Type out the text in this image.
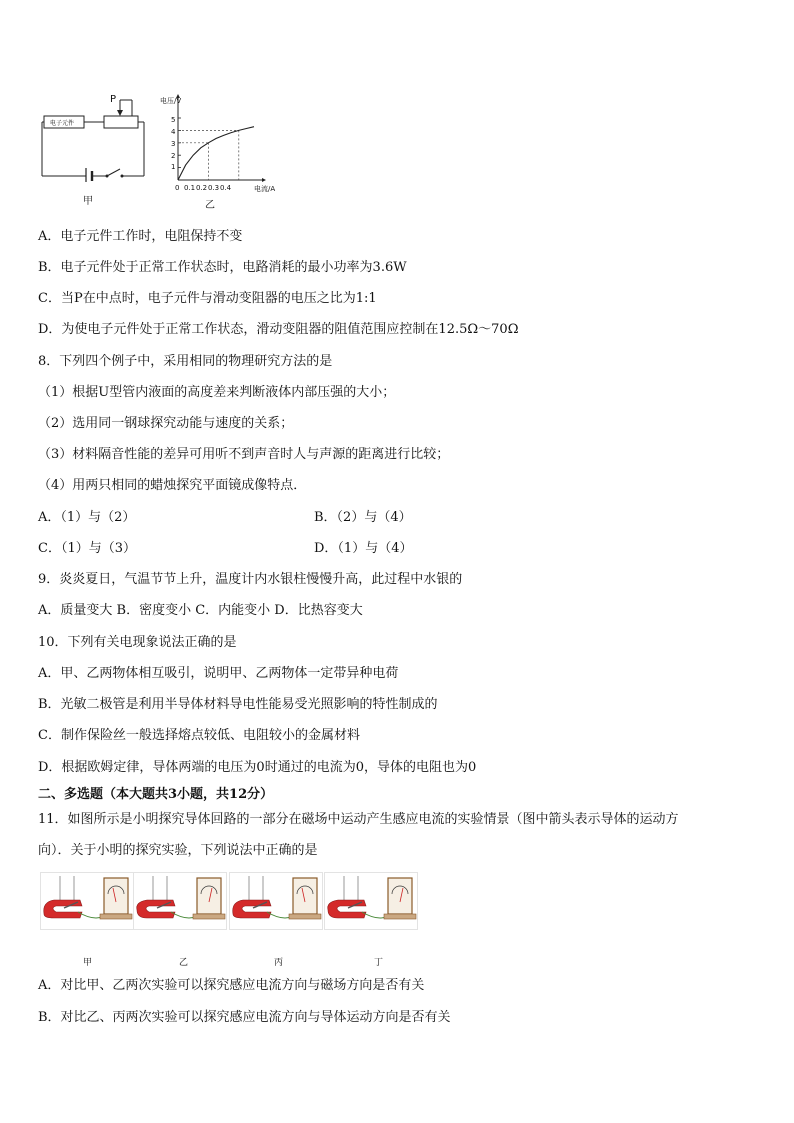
电子元件
P
甲
电压/V
电流/A
乙
1
2
3
4
5
0 0.1 0.2 0.3 0.4
A．电子元件工作时，电阻保持不变
B．电子元件处于正常工作状态时，电路消耗的最小功率为3.6W
C．当P在中点时，电子元件与滑动变阻器的电压之比为1:1
D．为使电子元件处于正常工作状态，滑动变阻器的阻值范围应控制在12.5Ω～70Ω
8．下列四个例子中，采用相同的物理研究方法的是
（1）根据U型管内液面的高度差来判断液体内部压强的大小；
（2）选用同一钢球探究动能与速度的关系；
（3）材料隔音性能的差异可用听不到声音时人与声源的距离进行比较；
（4）用两只相同的蜡烛探究平面镜成像特点．
A．（1）与（2）	B．（2）与（4）
C．（1）与（3）	D．（1）与（4）
9．炎炎夏日，气温节节上升，温度计内水银柱慢慢升高，此过程中水银的
A．质量变大 B．密度变小 C．内能变小 D．比热容变大
10．下列有关电现象说法正确的是
A．甲、乙两物体相互吸引，说明甲、乙两物体一定带异种电荷
B．光敏二极管是利用半导体材料导电性能易受光照影响的特性制成的
C．制作保险丝一般选择熔点较低、电阻较小的金属材料
D．根据欧姆定律，导体两端的电压为0时通过的电流为0，导体的电阻也为0
二、多选题（本大题共3小题，共12分）
11．如图所示是小明探究导体回路的一部分在磁场中运动产生感应电流的实验情景（图中箭头表示导体的运动方
向）．关于小明的探究实验，下列说法中正确的是
甲	乙	丙	丁
A．对比甲、乙两次实验可以探究感应电流方向与磁场方向是否有关
B．对比乙、丙两次实验可以探究感应电流方向与导体运动方向是否有关
